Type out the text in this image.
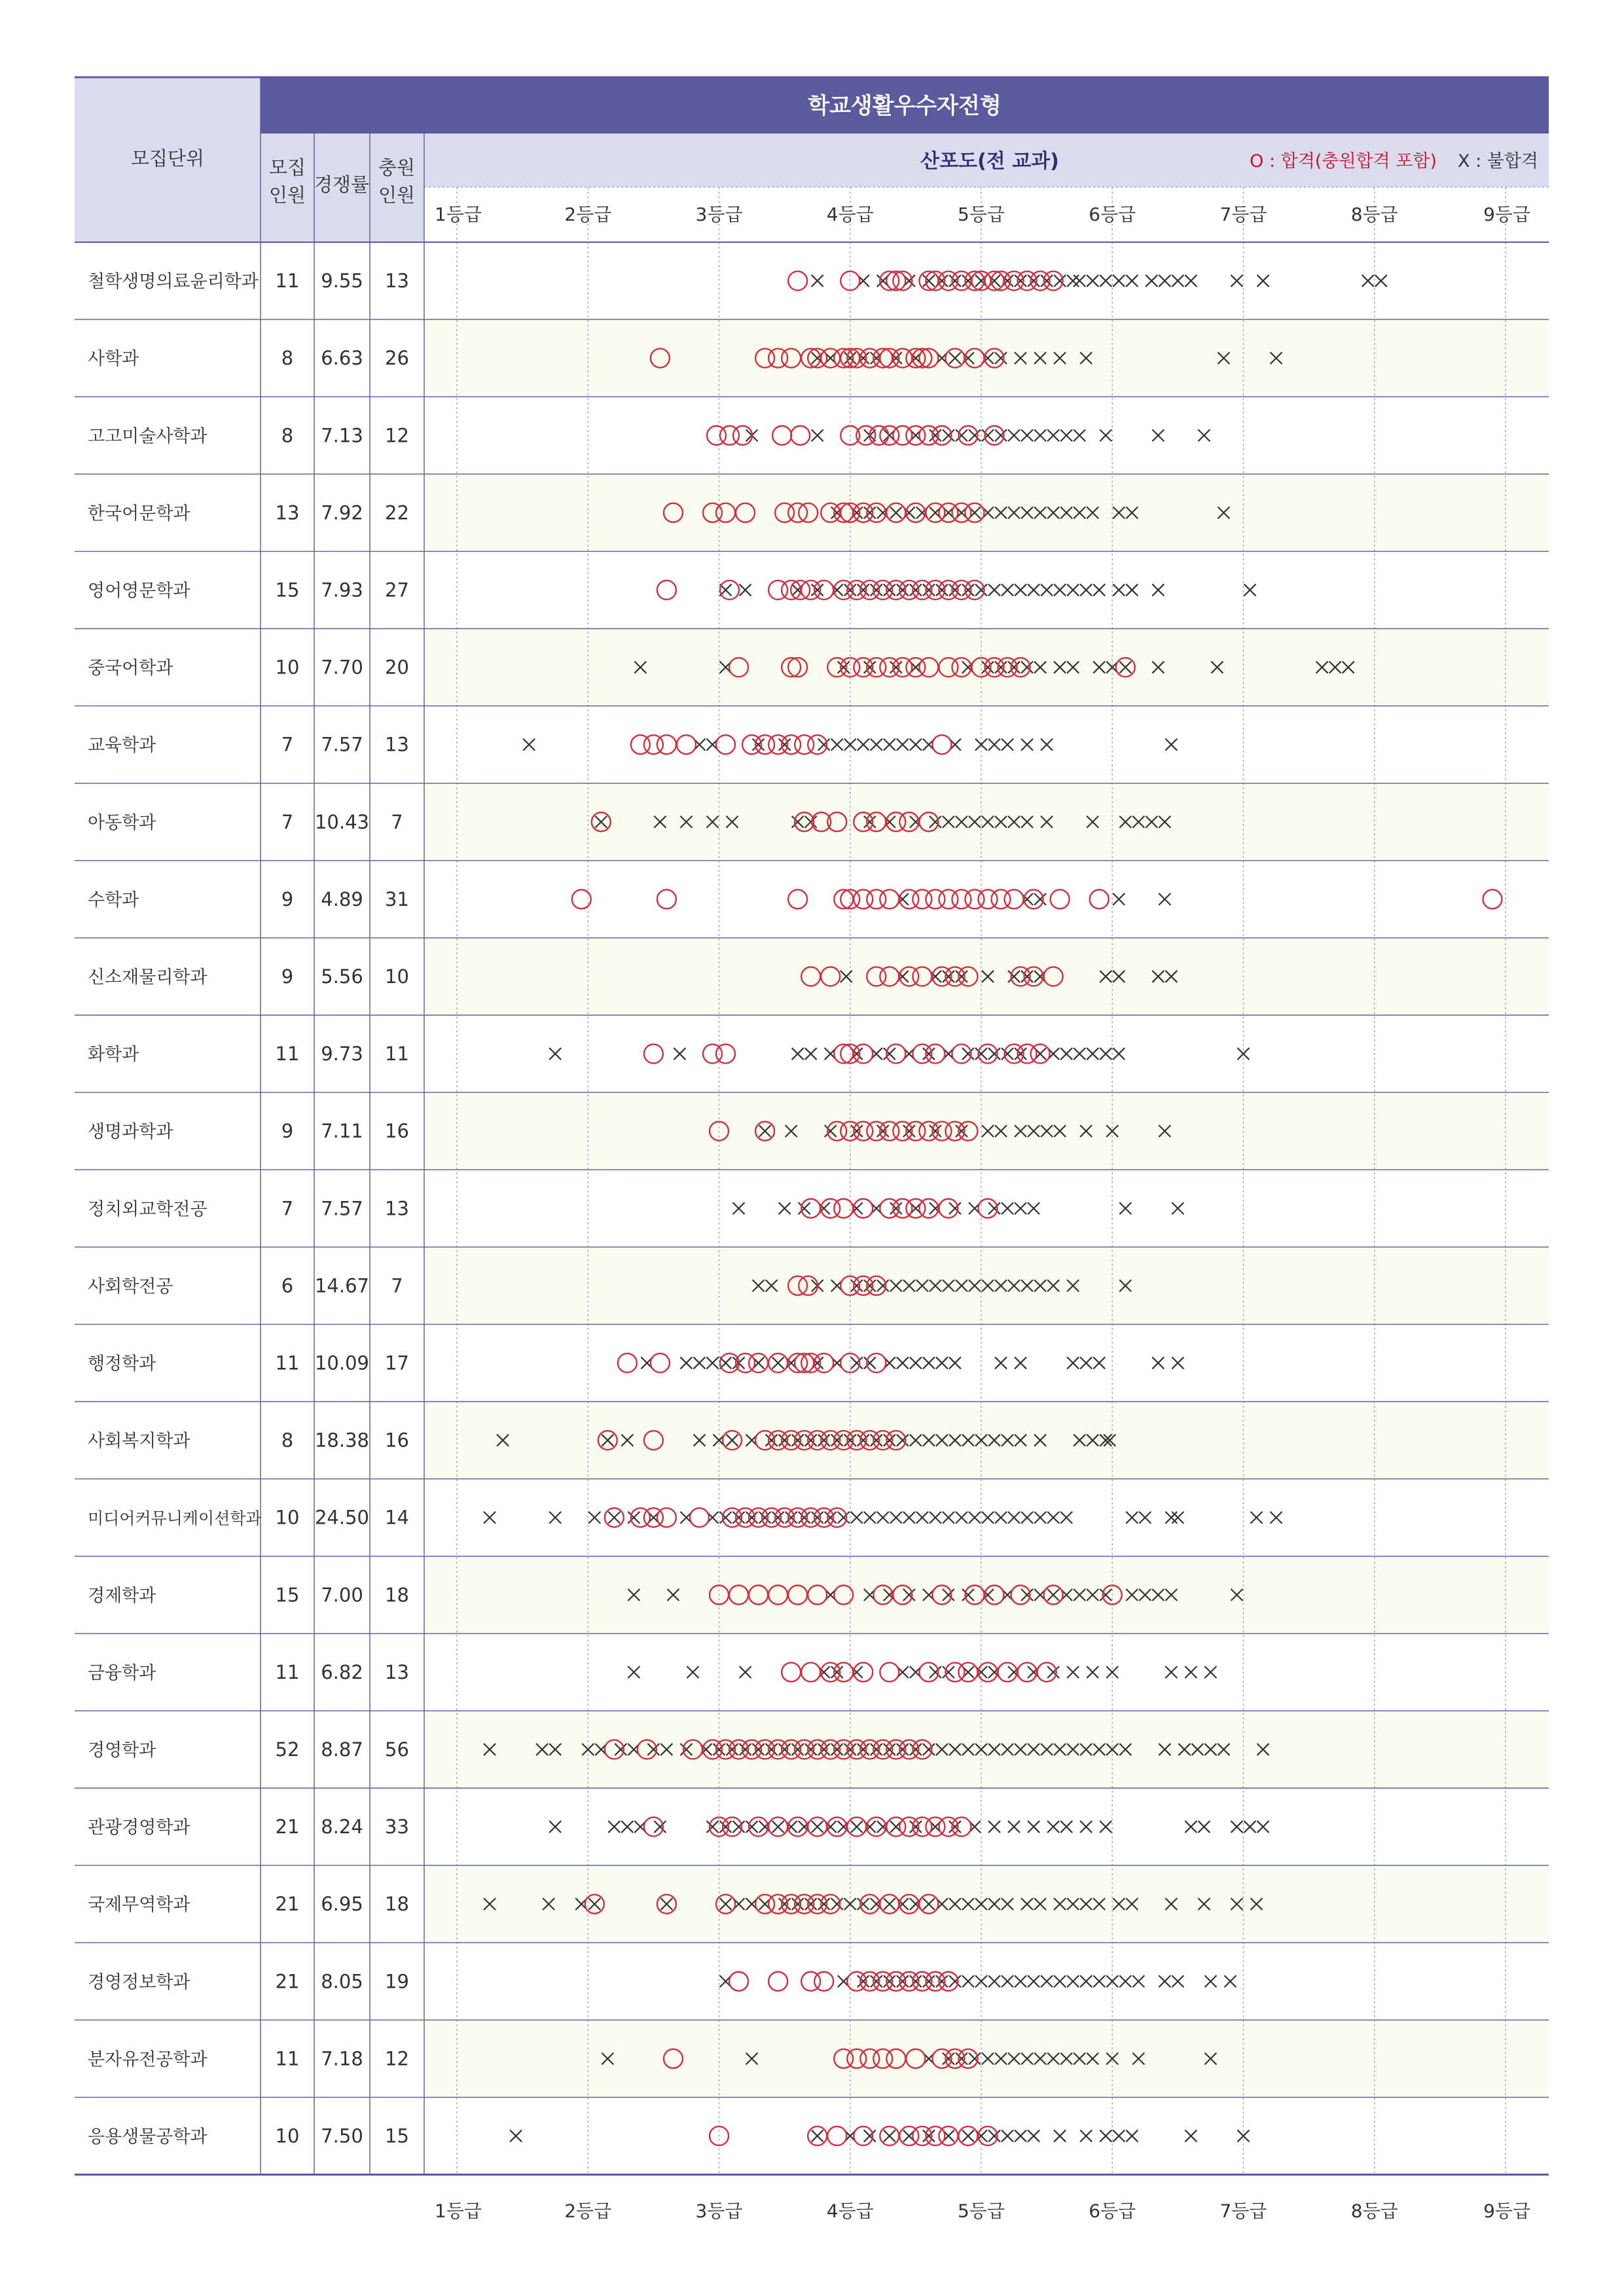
학교생활우수자전형
모집단위	모집
인원 경쟁률
충원
인원
산포도(전 교과)	O : 합격(충원합격 포함) X : 불합격
철학생명의료윤리학과 11 9.55 13
사학과	8 6.63 26
고고미술사학과	8 7.13 12
한국어문학과	13 7.92 22
영어영문학과	15 7.93 27
중국어학과	10 7.70 20
교육학과	7 7.57 13
아동학과	7 10.43 7
수학과	9 4.89 31
신소재물리학과	9 5.56 10
화학과	11 9.73 11
생명과학과	9 7.11 16
정치외교학전공	7 7.57 13
사회학전공	6 14.67 7
행정학과	11 10.09 17
사회복지학과	8 18.38 16
미디어커뮤니케이션학과 10 24.50 14
경제학과	15 7.00 18
금융학과	11 6.82 13
경영학과	52 8.87 56
관광경영학과	21 8.24 33
국제무역학과	21 6.95 18
경영정보학과	21 8.05 19
분자유전공학과	11 7.18 12
응용생물공학과	10 7.50 15
1등급
1등급
2등급
2등급
3등급
3등급
4등급
4등급
5등급
5등급
6등급
6등급
7등급
7등급
8등급
8등급
9등급
9등급
